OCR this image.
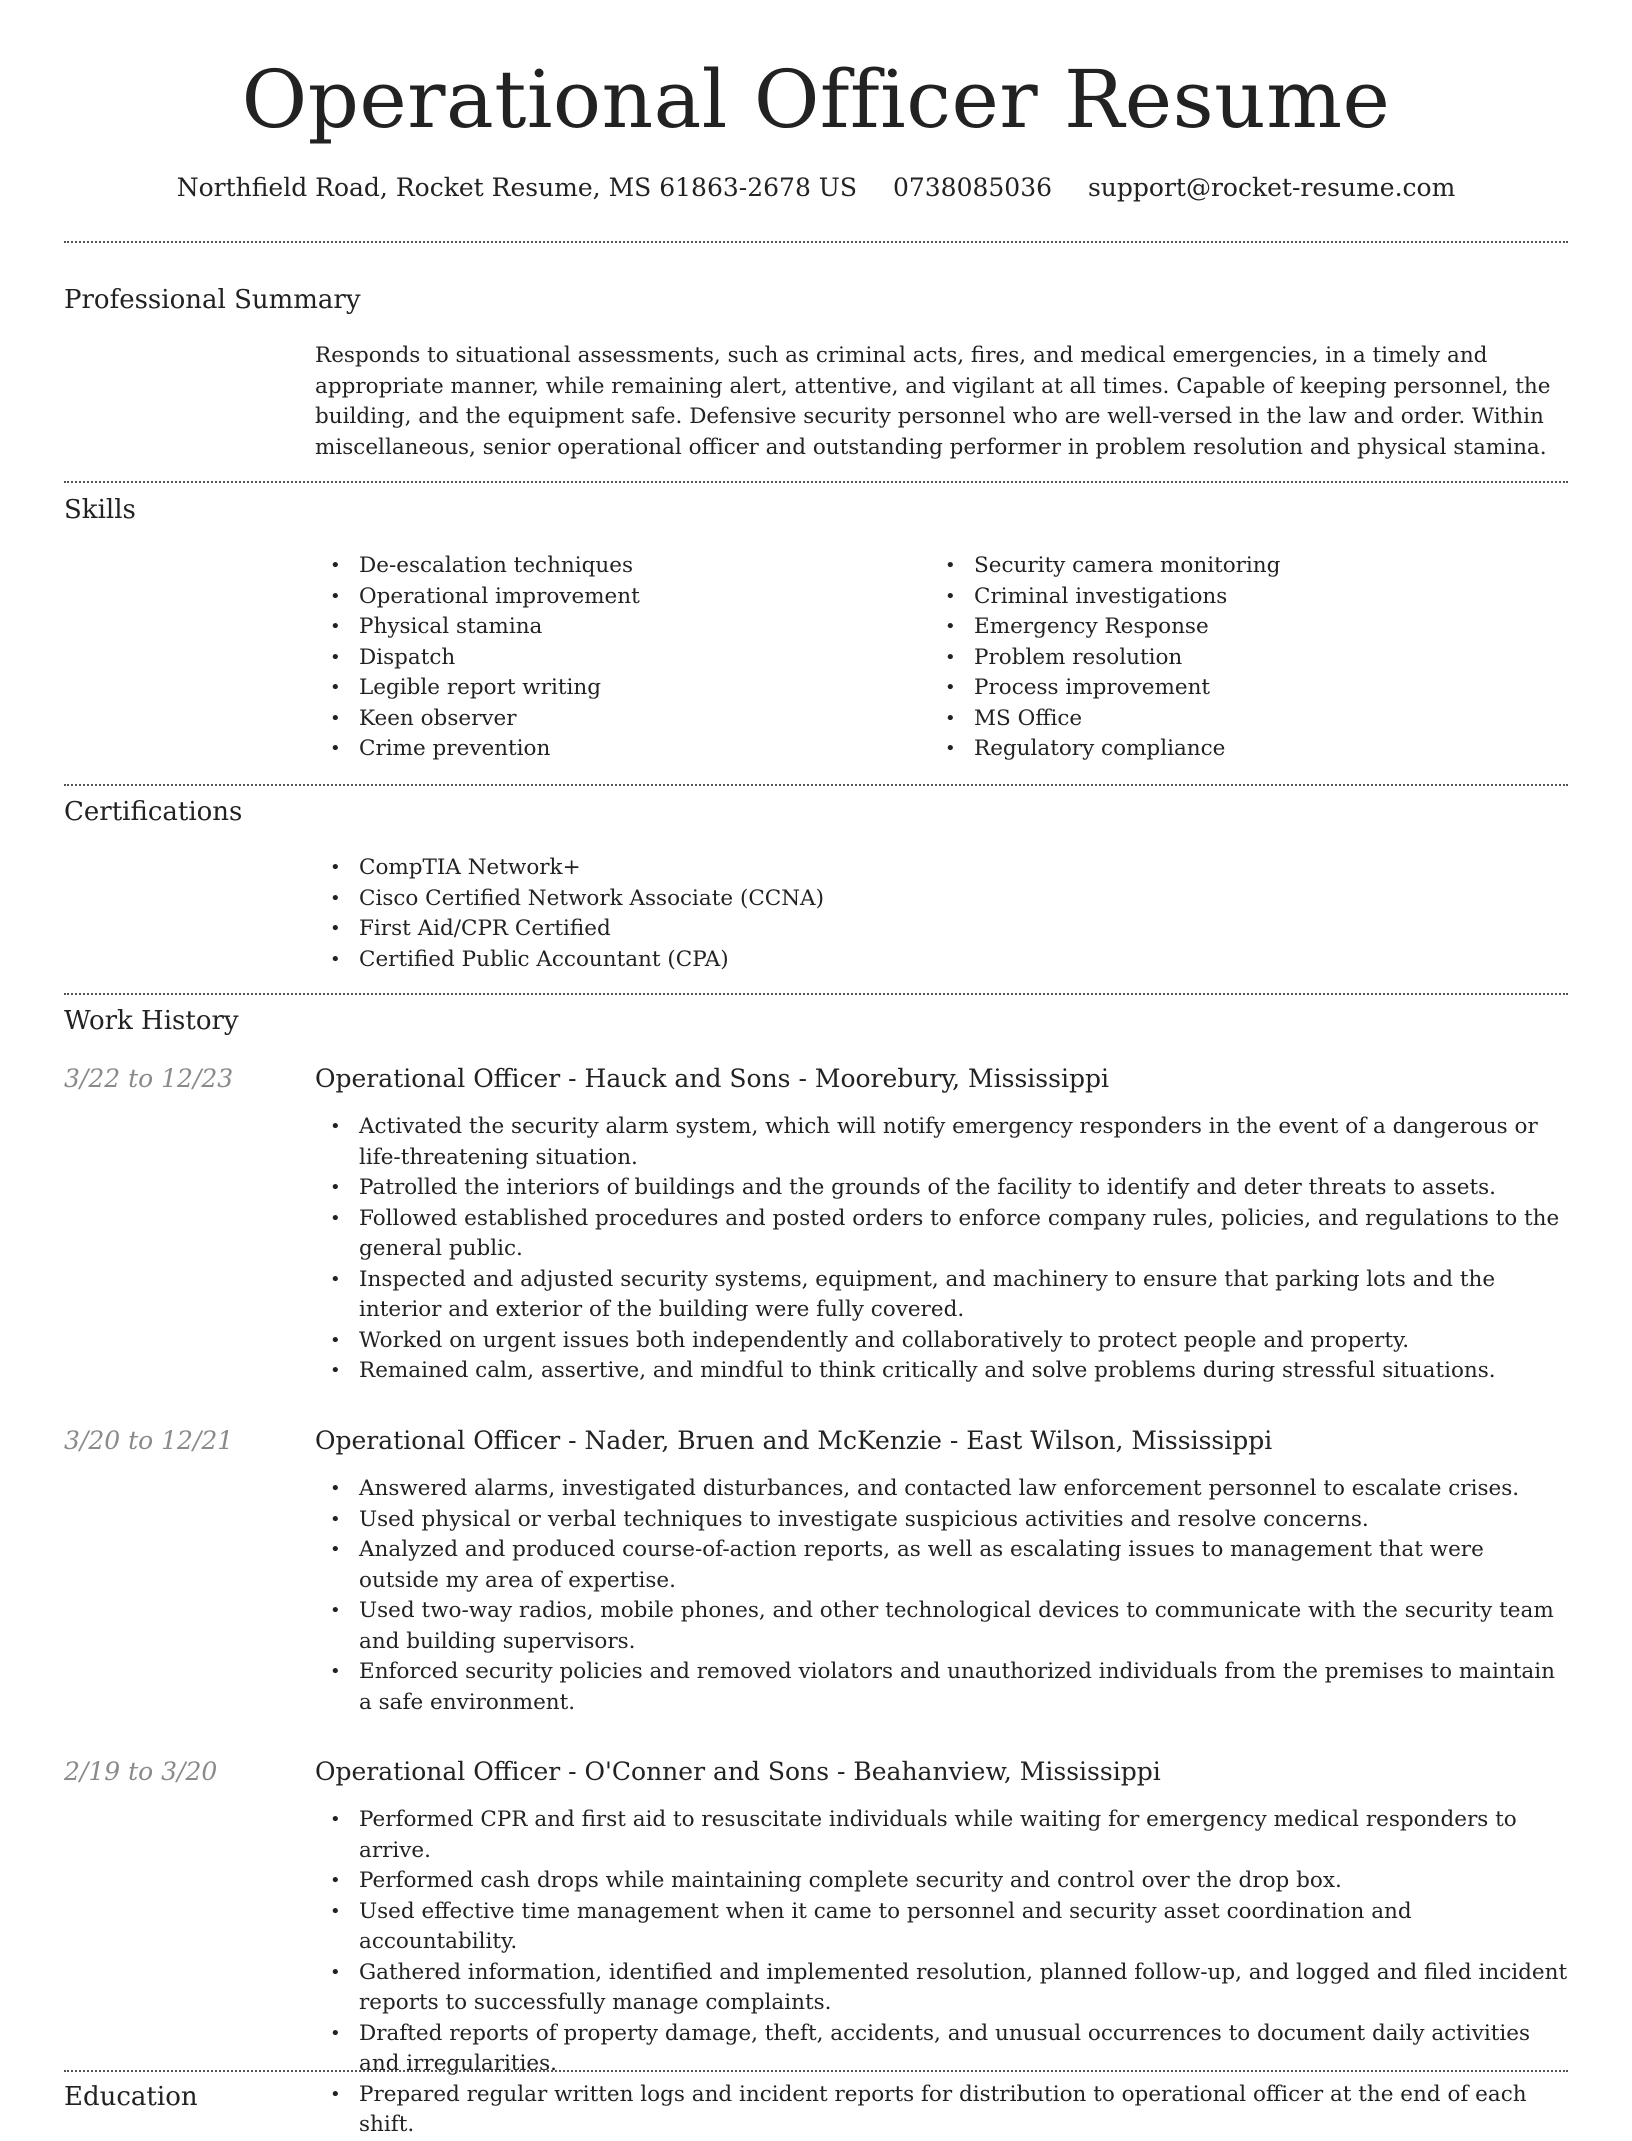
Operational Officer Resume
Northfield Road, Rocket Resume, MS 61863-2678 US 0738085036 support@rocket-resume.com
Professional Summary
Responds to situational assessments, such as criminal acts, fires, and medical emergencies, in a timely and appropriate manner, while remaining alert, attentive, and vigilant at all times. Capable of keeping personnel, the building, and the equipment safe. Defensive security personnel who are well-versed in the law and order. Within miscellaneous, senior operational officer and outstanding performer in problem resolution and physical stamina.
Skills
• De-escalation techniques
• Operational improvement
• Physical stamina
• Dispatch
• Legible report writing
• Keen observer
• Crime prevention
• Security camera monitoring
• Criminal investigations
• Emergency Response
• Problem resolution
• Process improvement
• MS Office
• Regulatory compliance
Certifications
• CompTIA Network+
• Cisco Certified Network Associate (CCNA)
• First Aid/CPR Certified
• Certified Public Accountant (CPA)
Work History
3/22 to 12/23	Operational Officer - Hauck and Sons - Moorebury, Mississippi
• Activated the security alarm system, which will notify emergency responders in the event of a dangerous or life-threatening situation.
• Patrolled the interiors of buildings and the grounds of the facility to identify and deter threats to assets.
• Followed established procedures and posted orders to enforce company rules, policies, and regulations to the general public.
• Inspected and adjusted security systems, equipment, and machinery to ensure that parking lots and the interior and exterior of the building were fully covered.
• Worked on urgent issues both independently and collaboratively to protect people and property.
• Remained calm, assertive, and mindful to think critically and solve problems during stressful situations.
3/20 to 12/21	Operational Officer - Nader, Bruen and McKenzie - East Wilson, Mississippi
• Answered alarms, investigated disturbances, and contacted law enforcement personnel to escalate crises.
• Used physical or verbal techniques to investigate suspicious activities and resolve concerns.
• Analyzed and produced course-of-action reports, as well as escalating issues to management that were outside my area of expertise.
• Used two-way radios, mobile phones, and other technological devices to communicate with the security team and building supervisors.
• Enforced security policies and removed violators and unauthorized individuals from the premises to maintain a safe environment.
2/19 to 3/20	Operational Officer - O'Conner and Sons - Beahanview, Mississippi
• Performed CPR and first aid to resuscitate individuals while waiting for emergency medical responders to arrive.
• Performed cash drops while maintaining complete security and control over the drop box.
• Used effective time management when it came to personnel and security asset coordination and accountability.
• Gathered information, identified and implemented resolution, planned follow-up, and logged and filed incident reports to successfully manage complaints.
• Drafted reports of property damage, theft, accidents, and unusual occurrences to document daily activities and irregularities.
• Prepared regular written logs and incident reports for distribution to operational officer at the end of each shift.
Education
